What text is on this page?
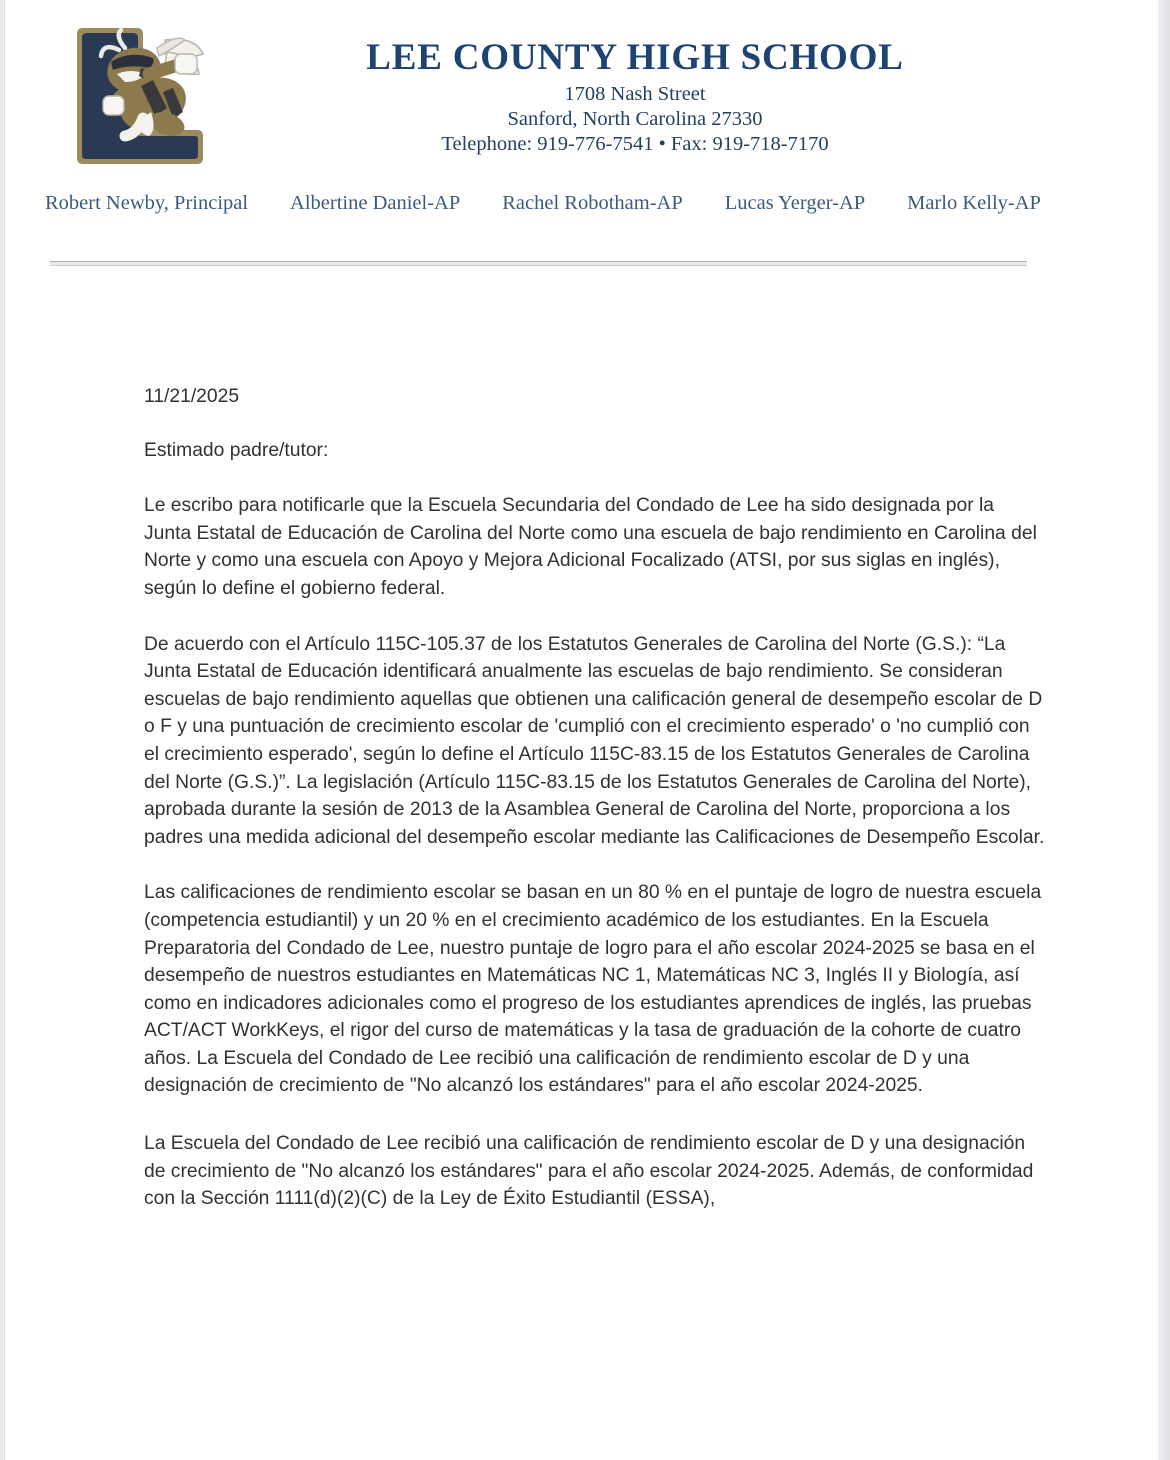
LEE COUNTY HIGH SCHOOL
1708 Nash Street
Sanford, North Carolina 27330
Telephone: 919-776-7541 • Fax: 919-718-7170
Robert Newby, Principal Albertine Daniel-AP Rachel Robotham-AP Lucas Yerger-AP Marlo Kelly-AP

11/21/2025

Estimado padre/tutor:

Le escribo para notificarle que la Escuela Secundaria del Condado de Lee ha sido designada por la Junta Estatal de Educación de Carolina del Norte como una escuela de bajo rendimiento en Carolina del Norte y como una escuela con Apoyo y Mejora Adicional Focalizado (ATSI, por sus siglas en inglés), según lo define el gobierno federal.

De acuerdo con el Artículo 115C-105.37 de los Estatutos Generales de Carolina del Norte (G.S.): “La Junta Estatal de Educación identificará anualmente las escuelas de bajo rendimiento. Se consideran escuelas de bajo rendimiento aquellas que obtienen una calificación general de desempeño escolar de D o F y una puntuación de crecimiento escolar de 'cumplió con el crecimiento esperado' o 'no cumplió con el crecimiento esperado', según lo define el Artículo 115C-83.15 de los Estatutos Generales de Carolina del Norte (G.S.)”. La legislación (Artículo 115C-83.15 de los Estatutos Generales de Carolina del Norte), aprobada durante la sesión de 2013 de la Asamblea General de Carolina del Norte, proporciona a los padres una medida adicional del desempeño escolar mediante las Calificaciones de Desempeño Escolar.

Las calificaciones de rendimiento escolar se basan en un 80 % en el puntaje de logro de nuestra escuela (competencia estudiantil) y un 20 % en el crecimiento académico de los estudiantes. En la Escuela Preparatoria del Condado de Lee, nuestro puntaje de logro para el año escolar 2024-2025 se basa en el desempeño de nuestros estudiantes en Matemáticas NC 1, Matemáticas NC 3, Inglés II y Biología, así como en indicadores adicionales como el progreso de los estudiantes aprendices de inglés, las pruebas ACT/ACT WorkKeys, el rigor del curso de matemáticas y la tasa de graduación de la cohorte de cuatro años. La Escuela del Condado de Lee recibió una calificación de rendimiento escolar de D y una designación de crecimiento de "No alcanzó los estándares" para el año escolar 2024-2025.

La Escuela del Condado de Lee recibió una calificación de rendimiento escolar de D y una designación de crecimiento de "No alcanzó los estándares" para el año escolar 2024-2025. Además, de conformidad con la Sección 1111(d)(2)(C) de la Ley de Éxito Estudiantil (ESSA),
